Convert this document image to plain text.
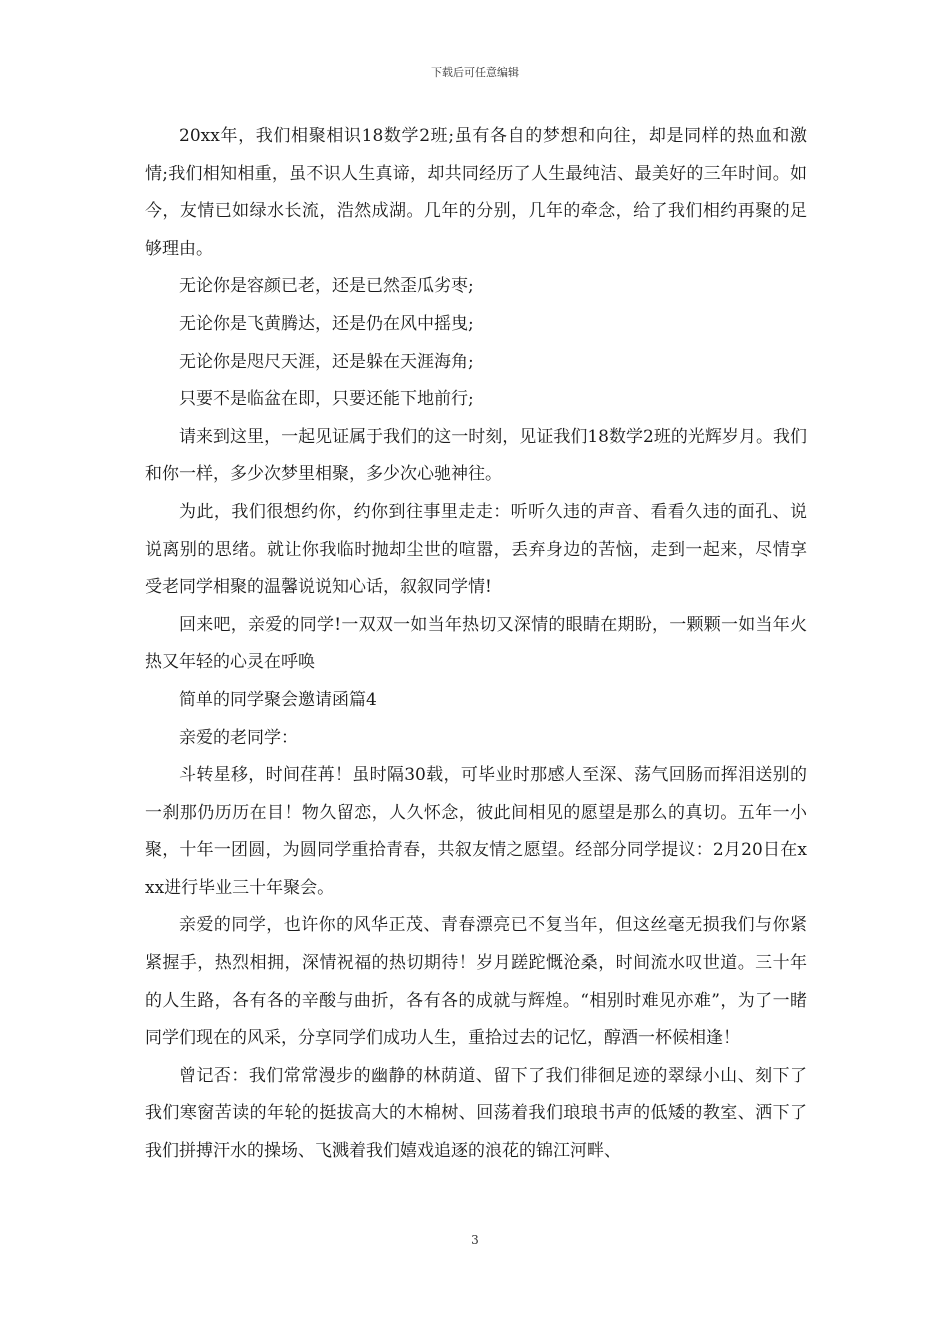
下载后可任意编辑

20xx年，我们相聚相识18数学2班;虽有各自的梦想和向往，却是同样的热血和激情;我们相知相重，虽不识人生真谛，却共同经历了人生最纯洁、最美好的三年时间。如今，友情已如绿水长流，浩然成湖。几年的分别，几年的牵念，给了我们相约再聚的足够理由。

无论你是容颜已老，还是已然歪瓜劣枣;

无论你是飞黄腾达，还是仍在风中摇曳;

无论你是咫尺天涯，还是躲在天涯海角;

只要不是临盆在即，只要还能下地前行;

请来到这里，一起见证属于我们的这一时刻，见证我们18数学2班的光辉岁月。我们和你一样，多少次梦里相聚，多少次心驰神往。

为此，我们很想约你，约你到往事里走走：听听久违的声音、看看久违的面孔、说说离别的思绪。就让你我临时抛却尘世的喧嚣，丢弃身边的苦恼，走到一起来，尽情享受老同学相聚的温馨说说知心话，叙叙同学情!

回来吧，亲爱的同学!一双双一如当年热切又深情的眼睛在期盼，一颗颗一如当年火热又年轻的心灵在呼唤

简单的同学聚会邀请函篇4

亲爱的老同学：

斗转星移，时间荏苒！虽时隔30载，可毕业时那感人至深、荡气回肠而挥泪送别的一刹那仍历历在目！物久留恋，人久怀念，彼此间相见的愿望是那么的真切。五年一小聚，十年一团圆，为圆同学重拾青春，共叙友情之愿望。经部分同学提议：2月20日在xxx进行毕业三十年聚会。

亲爱的同学，也许你的风华正茂、青春漂亮已不复当年，但这丝毫无损我们与你紧紧握手，热烈相拥，深情祝福的热切期待！岁月蹉跎慨沧桑，时间流水叹世道。三十年的人生路，各有各的辛酸与曲折，各有各的成就与辉煌。“相别时难见亦难”，为了一睹同学们现在的风采，分享同学们成功人生，重拾过去的记忆，醇酒一杯候相逢！

曾记否：我们常常漫步的幽静的林荫道、留下了我们徘徊足迹的翠绿小山、刻下了我们寒窗苦读的年轮的挺拔高大的木棉树、回荡着我们琅琅书声的低矮的教室、洒下了我们拼搏汗水的操场、飞溅着我们嬉戏追逐的浪花的锦江河畔、

3
